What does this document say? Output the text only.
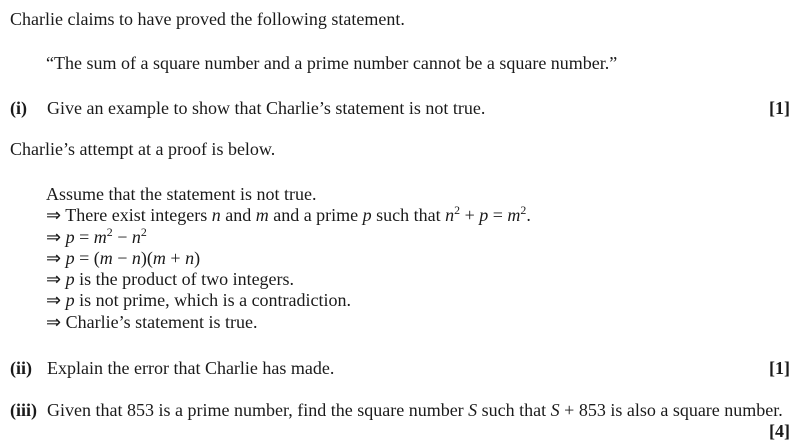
Charlie claims to have proved the following statement.

“The sum of a square number and a prime number cannot be a square number.”

(i)	Give an example to show that Charlie’s statement is not true.	[1]

Charlie’s attempt at a proof is below.

Assume that the statement is not true.
⇒ There exist integers n and m and a prime p such that $n^2 + p = m^2$.
⇒ $p = m^2 - n^2$
⇒ p = (m − n)(m + n)
⇒ p is the product of two integers.
⇒ p is not prime, which is a contradiction.
⇒ Charlie’s statement is true.
(ii) Explain the error that Charlie has made.	[1]
(iii) Given that 853 is a prime number, find the square number S such that S + 853 is also a square number.
[4]
